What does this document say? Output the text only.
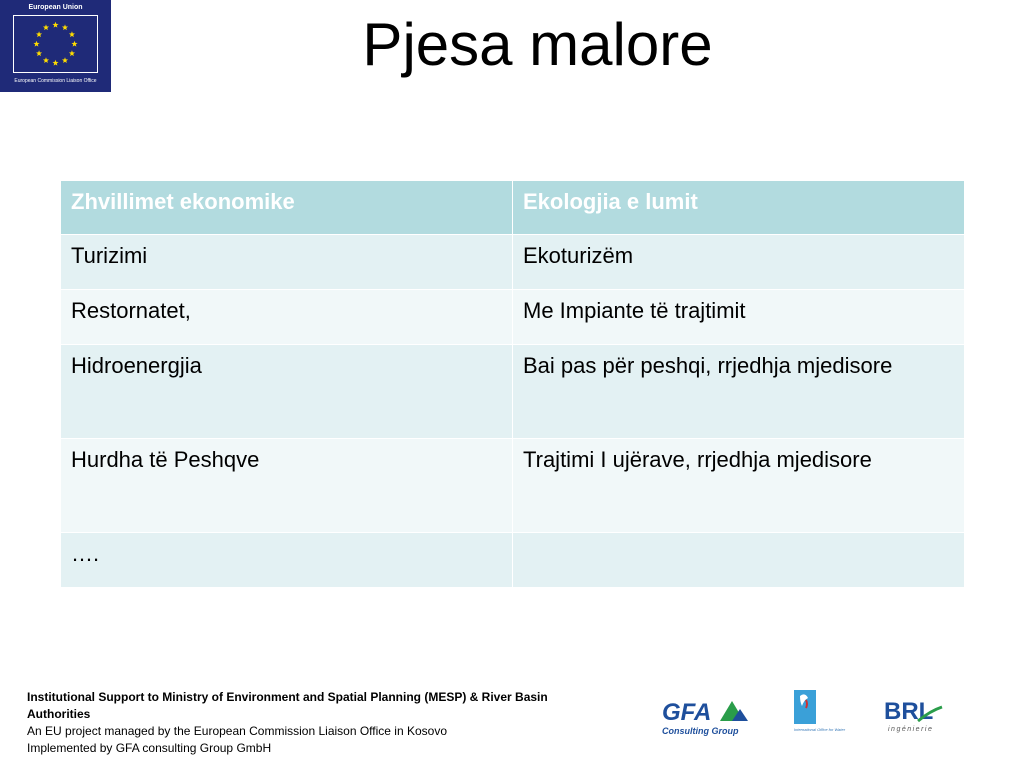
European Union
European Commission Liaison Office
Pjesa malore
Zhvillimet ekonomike	Ekologjia e lumit
Turizimi	Ekoturizëm
Restornatet,	Me Impiante të trajtimit
Hidroenergjia	Bai pas për peshqi, rrjedhja mjedisore
Hurdha të Peshqve	Trajtimi I ujërave, rrjedhja mjedisore
….	
Institutional Support to Ministry of Environment and Spatial Planning (MESP) & River Basin Authorities
An EU project managed by the European Commission Liaison Office in Kosovo
Implemented by GFA consulting Group GmbH
GFA
Consulting Group	International Office for Water
BRL
ingénierie
